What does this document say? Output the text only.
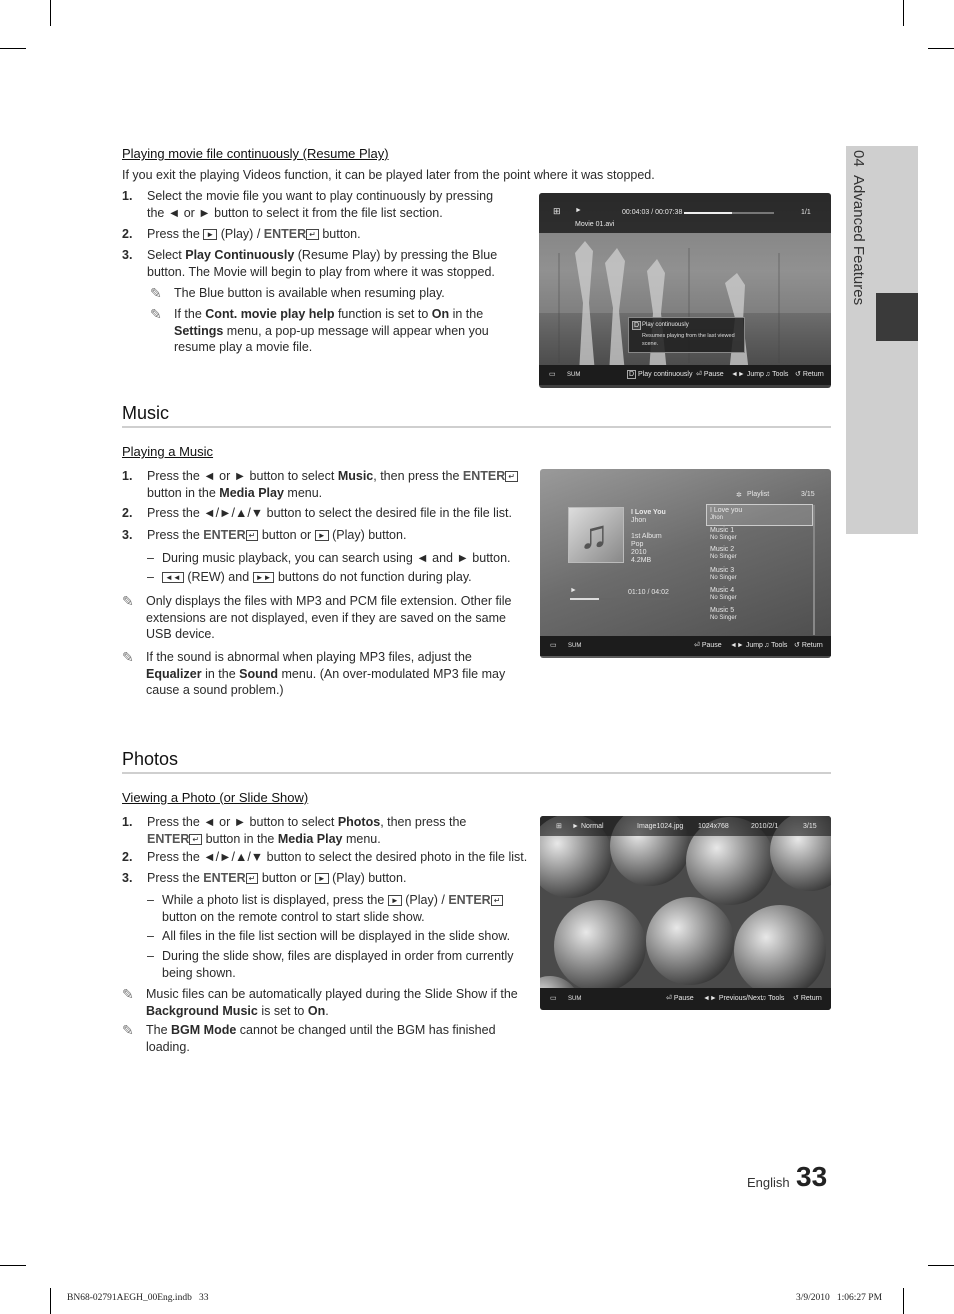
04  Advanced Features
Playing movie file continuously (Resume Play)
If you exit the playing Videos function, it can be played later from the point where it was stopped.
1. Select the movie file you want to play continuously by pressing
the ◄ or ► button to select it from the file list section.
2. Press the ► (Play) / ENTER ↵ button.
3. Select Play Continuously (Resume Play) by pressing the Blue
button. The Movie will begin to play from where it was stopped.
✎ The Blue button is available when resuming play.
✎ If the Cont. movie play help function is set to On in the
Settings menu, a pop-up message will appear when you
resume play a movie file.
⊞ ►	00:04:03 / 00:07:38	1/1
Movie 01.avi
D Play continuously
Resumes playing from the last viewed scene.
▭ SUM	D Play continuously ⏎ Pause ◄► Jump ♫ Tools ↺ Return
Music
Playing a Music
1. Press the ◄ or ► button to select Music, then press the ENTER ↵
button in the Media Play menu.
2. Press the ◄/►/▲/▼ button to select the desired file in the file list.
3. Press the ENTER ↵ button or ► (Play) button.
– During music playback, you can search using ◄ and ► button.
–	◄◄ (REW) and ►► buttons do not function during play.
✎ Only displays the files with MP3 and PCM file extension. Other file
extensions are not displayed, even if they are saved on the same
USB device.
✎ If the sound is abnormal when playing MP3 files, adjust the
Equalizer in the Sound menu. (An over-modulated MP3 file may
cause a sound problem.)
♫
I Love You
Jhon
1st Album
Pop
2010
4.2MB
►	01:10 / 04:02
✲ Playlist	3/15
I Love you
Jhon
Music 1
No Singer
Music 2
No Singer
Music 3
No Singer
Music 4
No Singer
Music 5
No Singer
▭ SUM	⏎ Pause ◄► Jump ♫ Tools ↺ Return
Photos
Viewing a Photo (or Slide Show)
1. Press the ◄ or ► button to select Photos, then press the
ENTER ↵ button in the Media Play menu.
2. Press the ◄/►/▲/▼ button to select the desired photo in the file list.
3. Press the ENTER ↵ button or ► (Play) button.
– While a photo list is displayed, press the ► (Play) / ENTER ↵
button on the remote control to start slide show.
– All files in the file list section will be displayed in the slide show.
– During the slide show, files are displayed in order from currently
being shown.
✎ Music files can be automatically played during the Slide Show if the
Background Music is set to On.
✎ The BGM Mode cannot be changed until the BGM has finished
loading.
⊞ ► Normal	Image1024.jpg 1024x768	2010/2/1	3/15
▭ SUM	⏎ Pause ◄► Previous/Next
♫ Tools ↺ Return
English 33
BN68-02791AEGH_00Eng.indb   33	3/9/2010   1:06:27 PM
